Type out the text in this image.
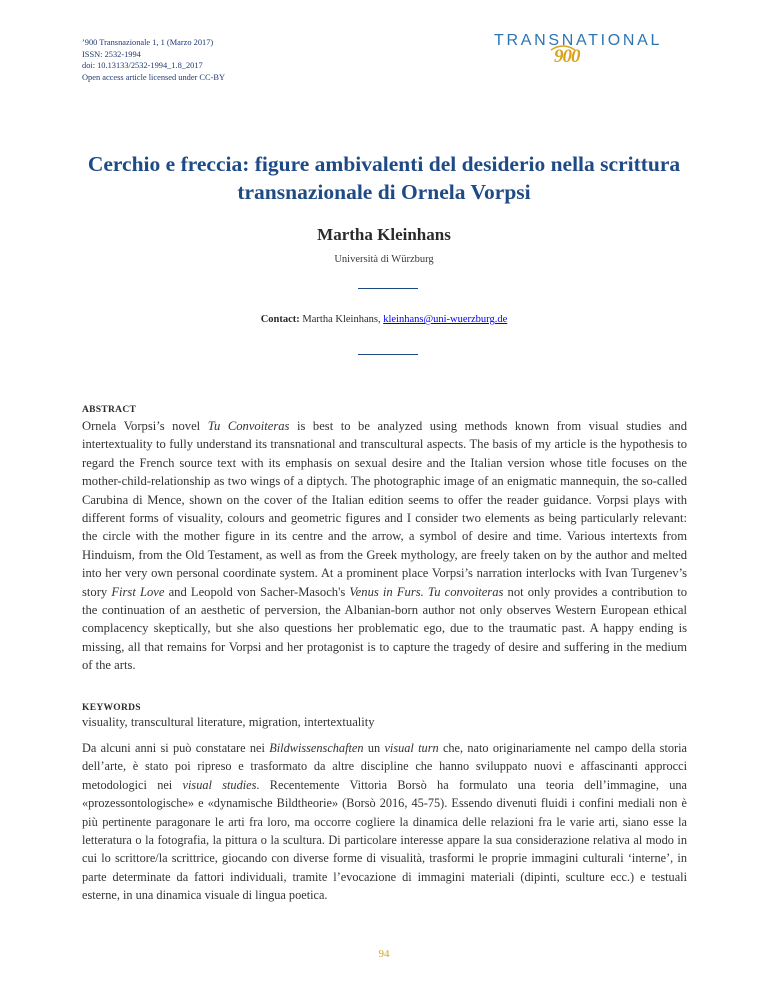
’900 Transnazionale 1, 1 (Marzo 2017)
ISSN: 2532-1994
doi: 10.13133/2532-1994_1.8_2017
Open access article licensed under CC-BY
TRANSNATIONAL
900
Cerchio e freccia: figure ambivalenti del desiderio nella scrittura transnazionale di Ornela Vorpsi
Martha Kleinhans
Università di Würzburg
Contact: Martha Kleinhans, kleinhans@uni-wuerzburg.de
ABSTRACT

Ornela Vorpsi’s novel Tu Convoiteras is best to be analyzed using methods known from visual studies and intertextuality to fully understand its transnational and transcultural aspects. The basis of my article is the hypothesis to regard the French source text with its emphasis on sexual desire and the Italian version whose title focuses on the mother-child-relationship as two wings of a diptych. The photographic image of an enigmatic mannequin, the so-called Carubina di Mence, shown on the cover of the Italian edition seems to offer the reader guidance. Vorpsi plays with different forms of visuality, colours and geometric figures and I consider two elements as being particularly relevant: the circle with the mother figure in its centre and the arrow, a symbol of desire and time. Various intertexts from Hinduism, from the Old Testament, as well as from the Greek mythology, are freely taken on by the author and melted into her very own personal coordinate system. At a prominent place Vorpsi’s narration interlocks with Ivan Turgenev’s story First Love and Leopold von Sacher-Masoch's Venus in Furs. Tu convoiteras not only provides a contribution to the continuation of an aesthetic of perversion, the Albanian-born author not only observes Western European ethical complacency skeptically, but she also questions her problematic ego, due to the traumatic past. A happy ending is missing, all that remains for Vorpsi and her protagonist is to capture the tragedy of desire and suffering in the medium of the arts.

KEYWORDS
visuality, transcultural literature, migration, intertextuality

Da alcuni anni si può constatare nei Bildwissenschaften un visual turn che, nato originariamente nel campo della storia dell’arte, è stato poi ripreso e trasformato da altre discipline che hanno sviluppato nuovi e affascinanti approcci metodologici nei visual studies. Recentemente Vittoria Borsò ha formulato una teoria dell’immagine, una «prozessontologische» e «dynamische Bildtheorie» (Borsò 2016, 45-75). Essendo divenuti fluidi i confini mediali non è più pertinente paragonare le arti fra loro, ma occorre cogliere la dinamica delle relazioni fra le varie arti, siano esse la letteratura o la fotografia, la pittura o la scultura. Di particolare interesse appare la sua considerazione relativa al modo in cui lo scrittore/la scrittrice, giocando con diverse forme di visualità, trasformi le proprie immagini culturali ‘interne’, in parte determinate da fattori individuali, tramite l’evocazione di immagini materiali (dipinti, sculture ecc.) e testuali esterne, in una dinamica visuale di lingua poetica.

94
